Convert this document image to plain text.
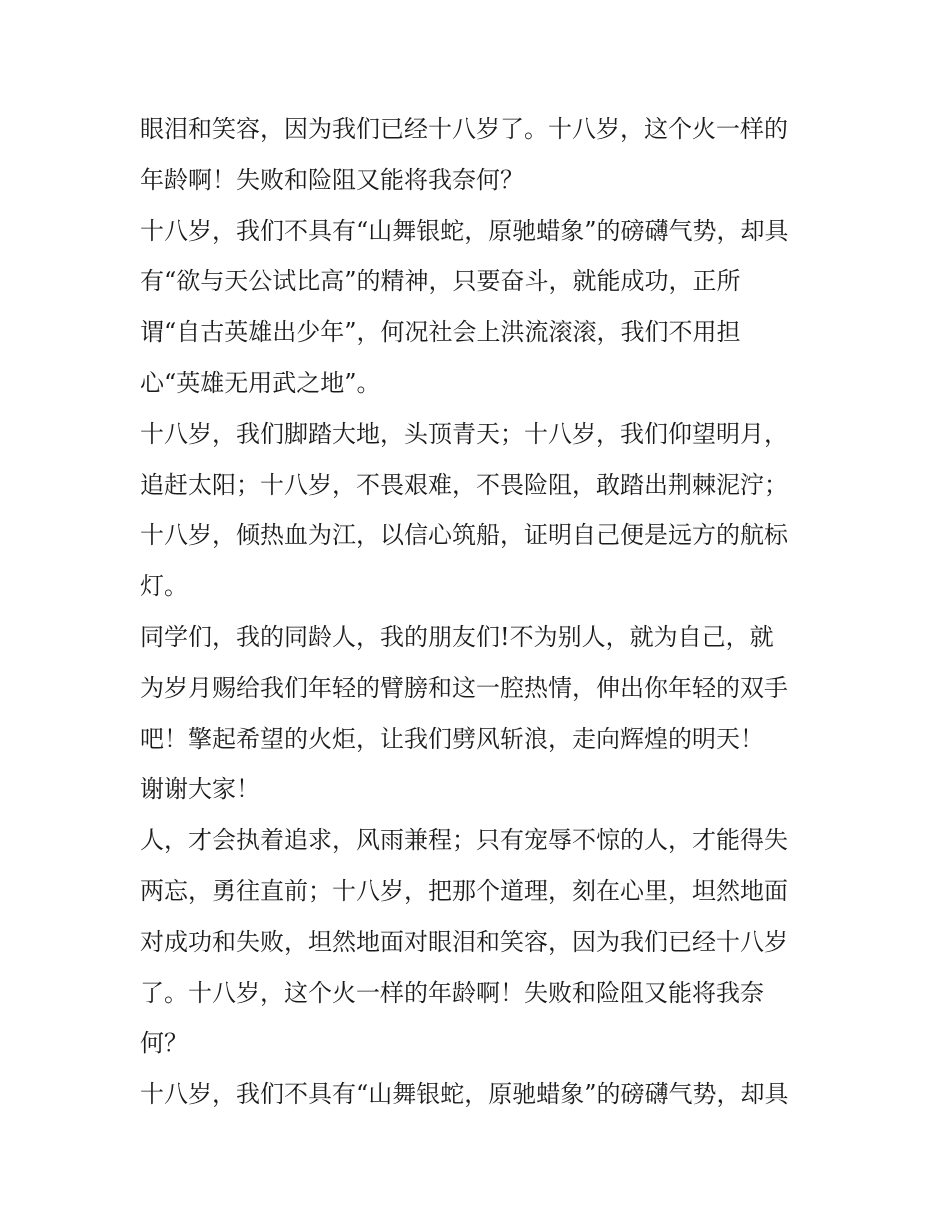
眼泪和笑容，因为我们已经十八岁了。十八岁，这个火一样的
年龄啊！失败和险阻又能将我奈何？
十八岁，我们不具有“山舞银蛇，原驰蜡象”的磅礴气势，却具
有“欲与天公试比高”的精神，只要奋斗，就能成功，正所
谓“自古英雄出少年”，何况社会上洪流滚滚，我们不用担
心“英雄无用武之地”。
十八岁，我们脚踏大地，头顶青天；十八岁，我们仰望明月，
追赶太阳；十八岁，不畏艰难，不畏险阻，敢踏出荆棘泥泞；
十八岁，倾热血为江，以信心筑船，证明自己便是远方的航标
灯。
同学们，我的同龄人，我的朋友们!不为别人，就为自己，就
为岁月赐给我们年轻的臂膀和这一腔热情，伸出你年轻的双手
吧！擎起希望的火炬，让我们劈风斩浪，走向辉煌的明天！
谢谢大家！
人，才会执着追求，风雨兼程；只有宠辱不惊的人，才能得失
两忘，勇往直前；十八岁，把那个道理，刻在心里，坦然地面
对成功和失败，坦然地面对眼泪和笑容，因为我们已经十八岁
了。十八岁，这个火一样的年龄啊！失败和险阻又能将我奈
何？
十八岁，我们不具有“山舞银蛇，原驰蜡象”的磅礴气势，却具
